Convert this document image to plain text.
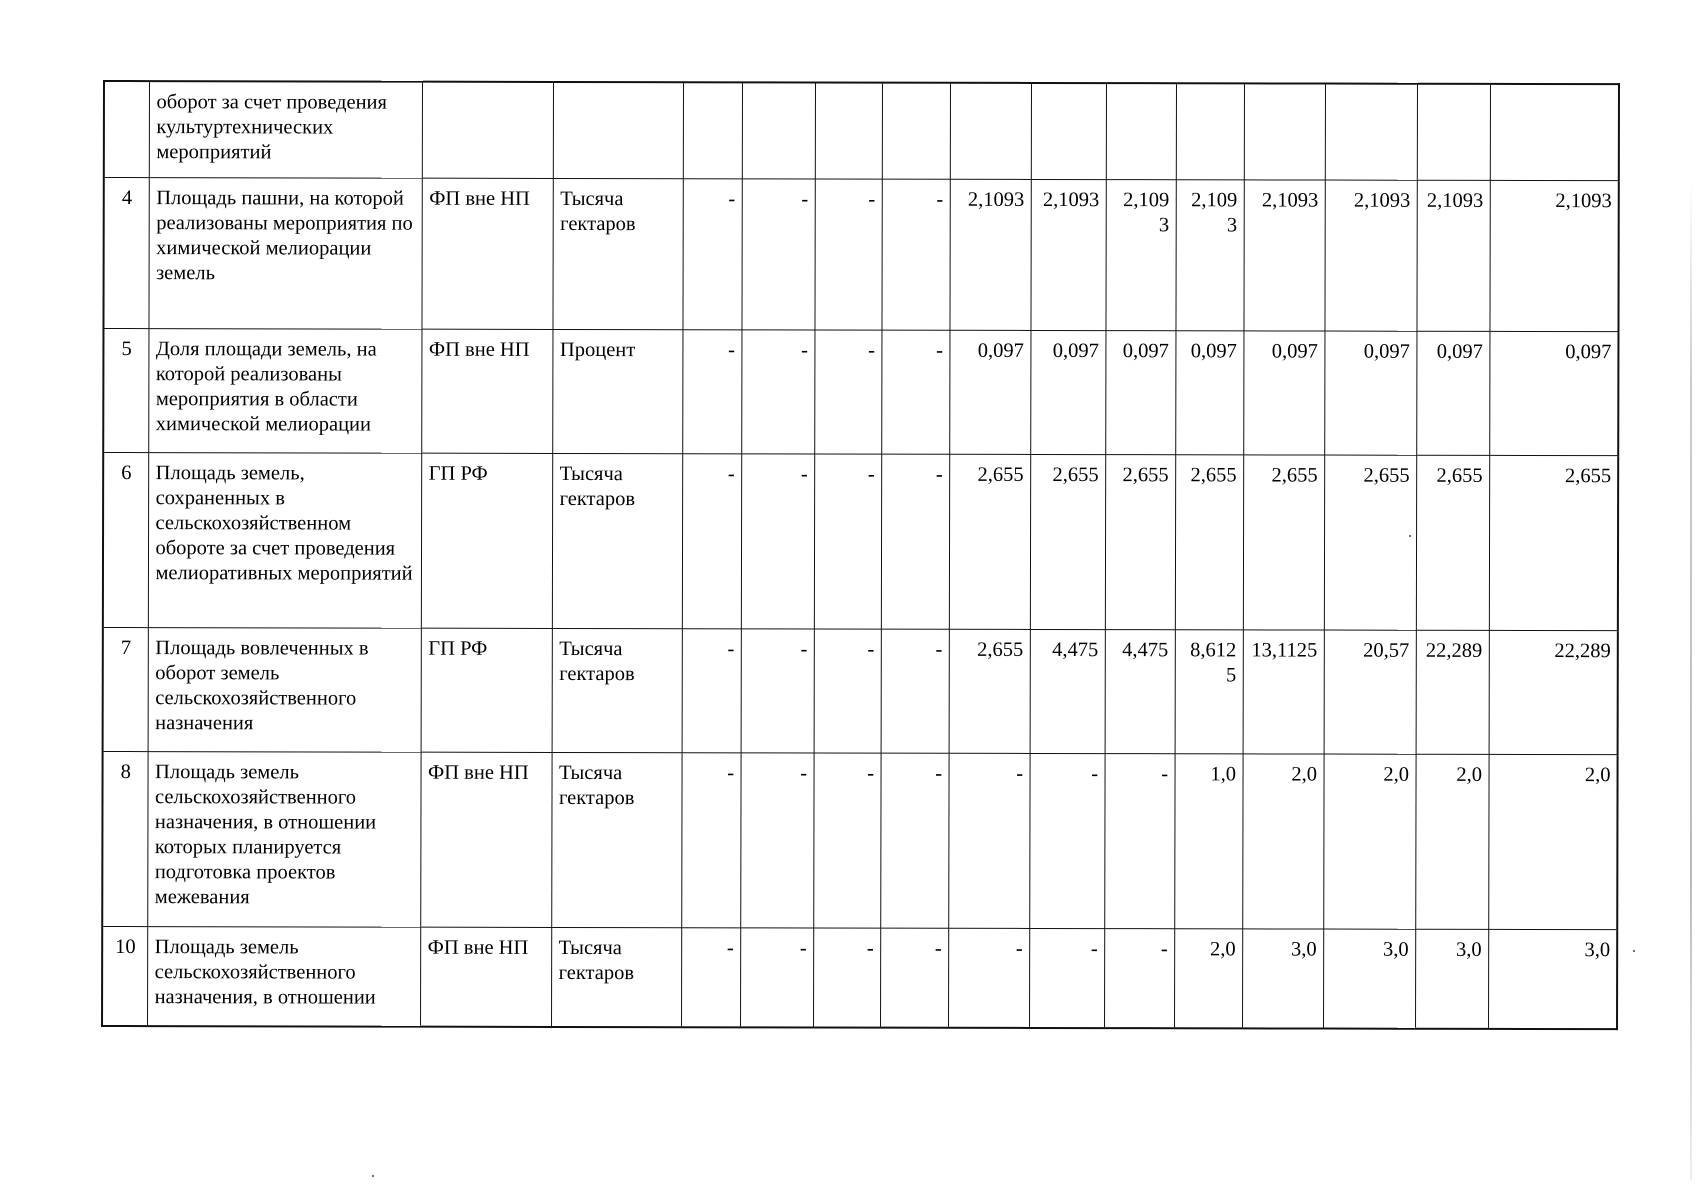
	оборот за счет проведения культуртехнических мероприятий														
4	Площадь пашни, на которой реализованы мероприятия по химической мелиорации земель	ФП вне НП	Тысяча гектаров	-	-	-	-	2,1093	2,1093	2,1093	2,1093	2,1093	2,1093	2,1093	2,1093
5	Доля площади земель, на которой реализованы мероприятия в области химической мелиорации	ФП вне НП	Процент	-	-	-	-	0,097	0,097	0,097	0,097	0,097	0,097	0,097	0,097
6	Площадь земель, сохраненных в сельскохозяйственном обороте за счет проведения мелиоративных мероприятий	ГП РФ	Тысяча гектаров	-	-	-	-	2,655	2,655	2,655	2,655	2,655	2,655	2,655	2,655
7	Площадь вовлеченных в оборот земель сельскохозяйственного назначения	ГП РФ	Тысяча гектаров	-	-	-	-	2,655	4,475	4,475	8,6125	13,1125	20,57	22,289	22,289
8	Площадь земель сельскохозяйственного назначения, в отношении которых планируется подготовка проектов межевания	ФП вне НП	Тысяча гектаров	-	-	-	-	-	-	-	1,0	2,0	2,0	2,0	2,0
10	Площадь земель сельскохозяйственного назначения, в отношении	ФП вне НП	Тысяча гектаров	-	-	-	-	-	-	-	2,0	3,0	3,0	3,0	3,0
